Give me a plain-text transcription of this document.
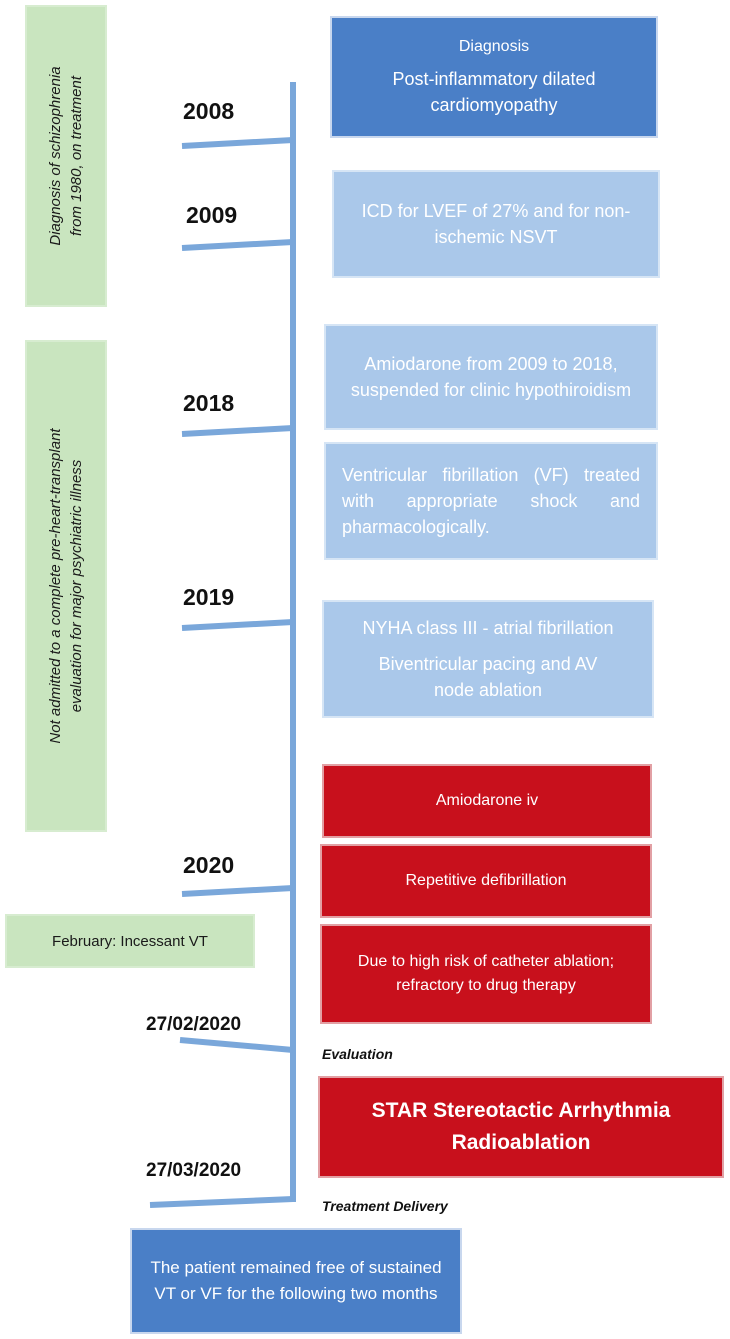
Diagnosis of schizophrenia from 1980, on treatment
Not admitted to a complete pre-heart-transplant evaluation for major psychiatric illness
February: Incessant VT
2008
2009
2018
2019
2020
27/02/2020
27/03/2020
Diagnosis
Post-inflammatory dilated cardiomyopathy
ICD for LVEF of 27% and for non-ischemic NSVT
Amiodarone from 2009 to 2018, suspended for clinic hypothiroidism
Ventricular fibrillation (VF) treated with appropriate shock and pharmacologically.
NYHA class III - atrial fibrillation
Biventricular pacing and AV node ablation
Amiodarone iv
Repetitive defibrillation
Due to high risk of catheter ablation; refractory to drug therapy
Evaluation
STAR Stereotactic Arrhythmia Radioablation
Treatment Delivery
The patient remained free of sustained VT or VF for the following two months
